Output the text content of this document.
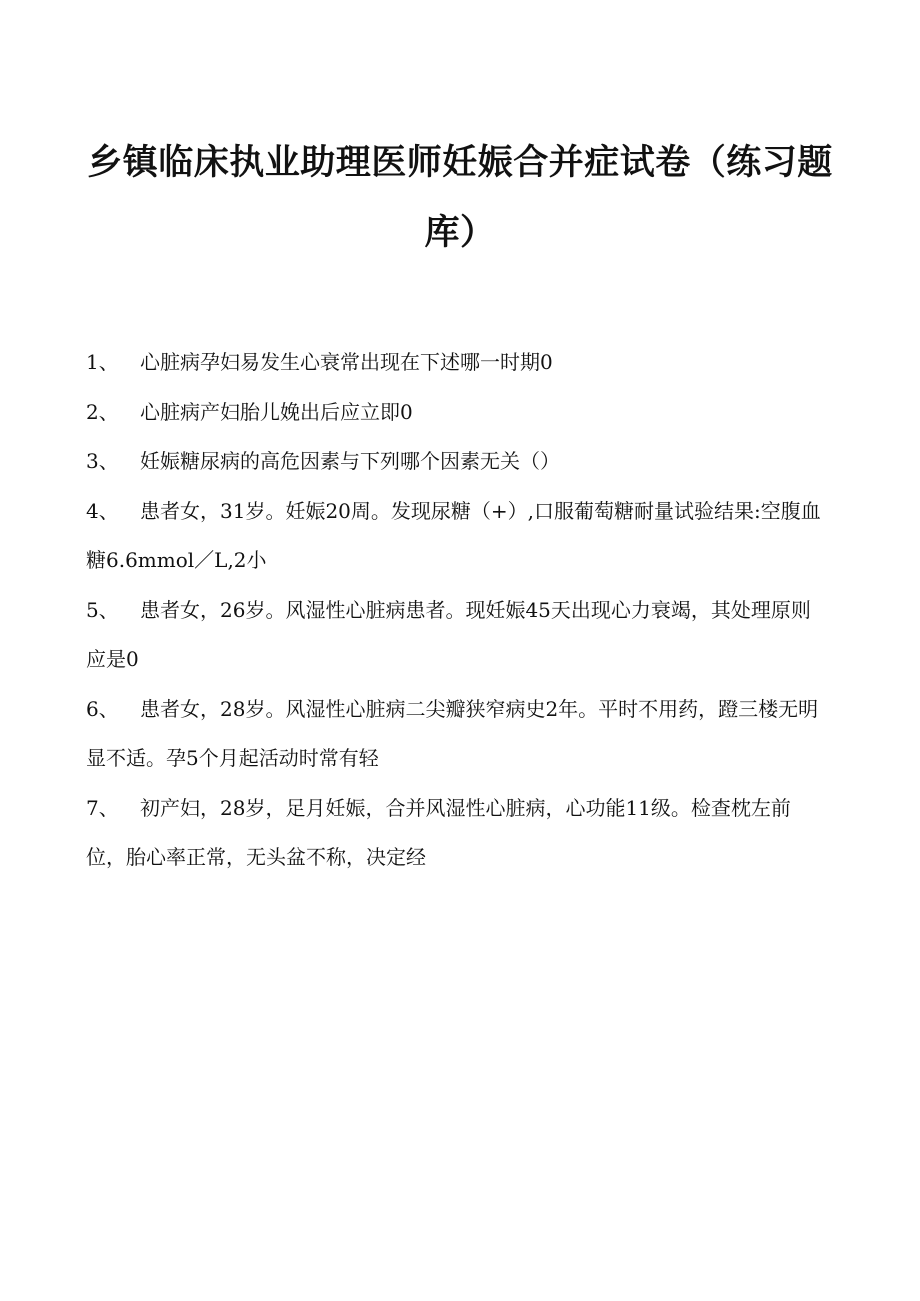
乡镇临床执业助理医师妊娠合并症试卷（练习题库）
1、 心脏病孕妇易发生心衰常出现在下述哪一时期0
2、 心脏病产妇胎儿娩出后应立即0
3、 妊娠糖尿病的高危因素与下列哪个因素无关（）
4、 患者女，31岁。妊娠20周。发现尿糖（+）,口服葡萄糖耐量试验结果:空腹血糖6.6mmol／L,2小
5、 患者女，26岁。风湿性心脏病患者。现妊娠45天出现心力衰竭，其处理原则应是0
6、 患者女，28岁。风湿性心脏病二尖瓣狭窄病史2年。平时不用药，蹬三楼无明显不适。孕5个月起活动时常有轻
7、 初产妇，28岁，足月妊娠，合并风湿性心脏病，心功能11级。检查枕左前位，胎心率正常，无头盆不称，决定经
